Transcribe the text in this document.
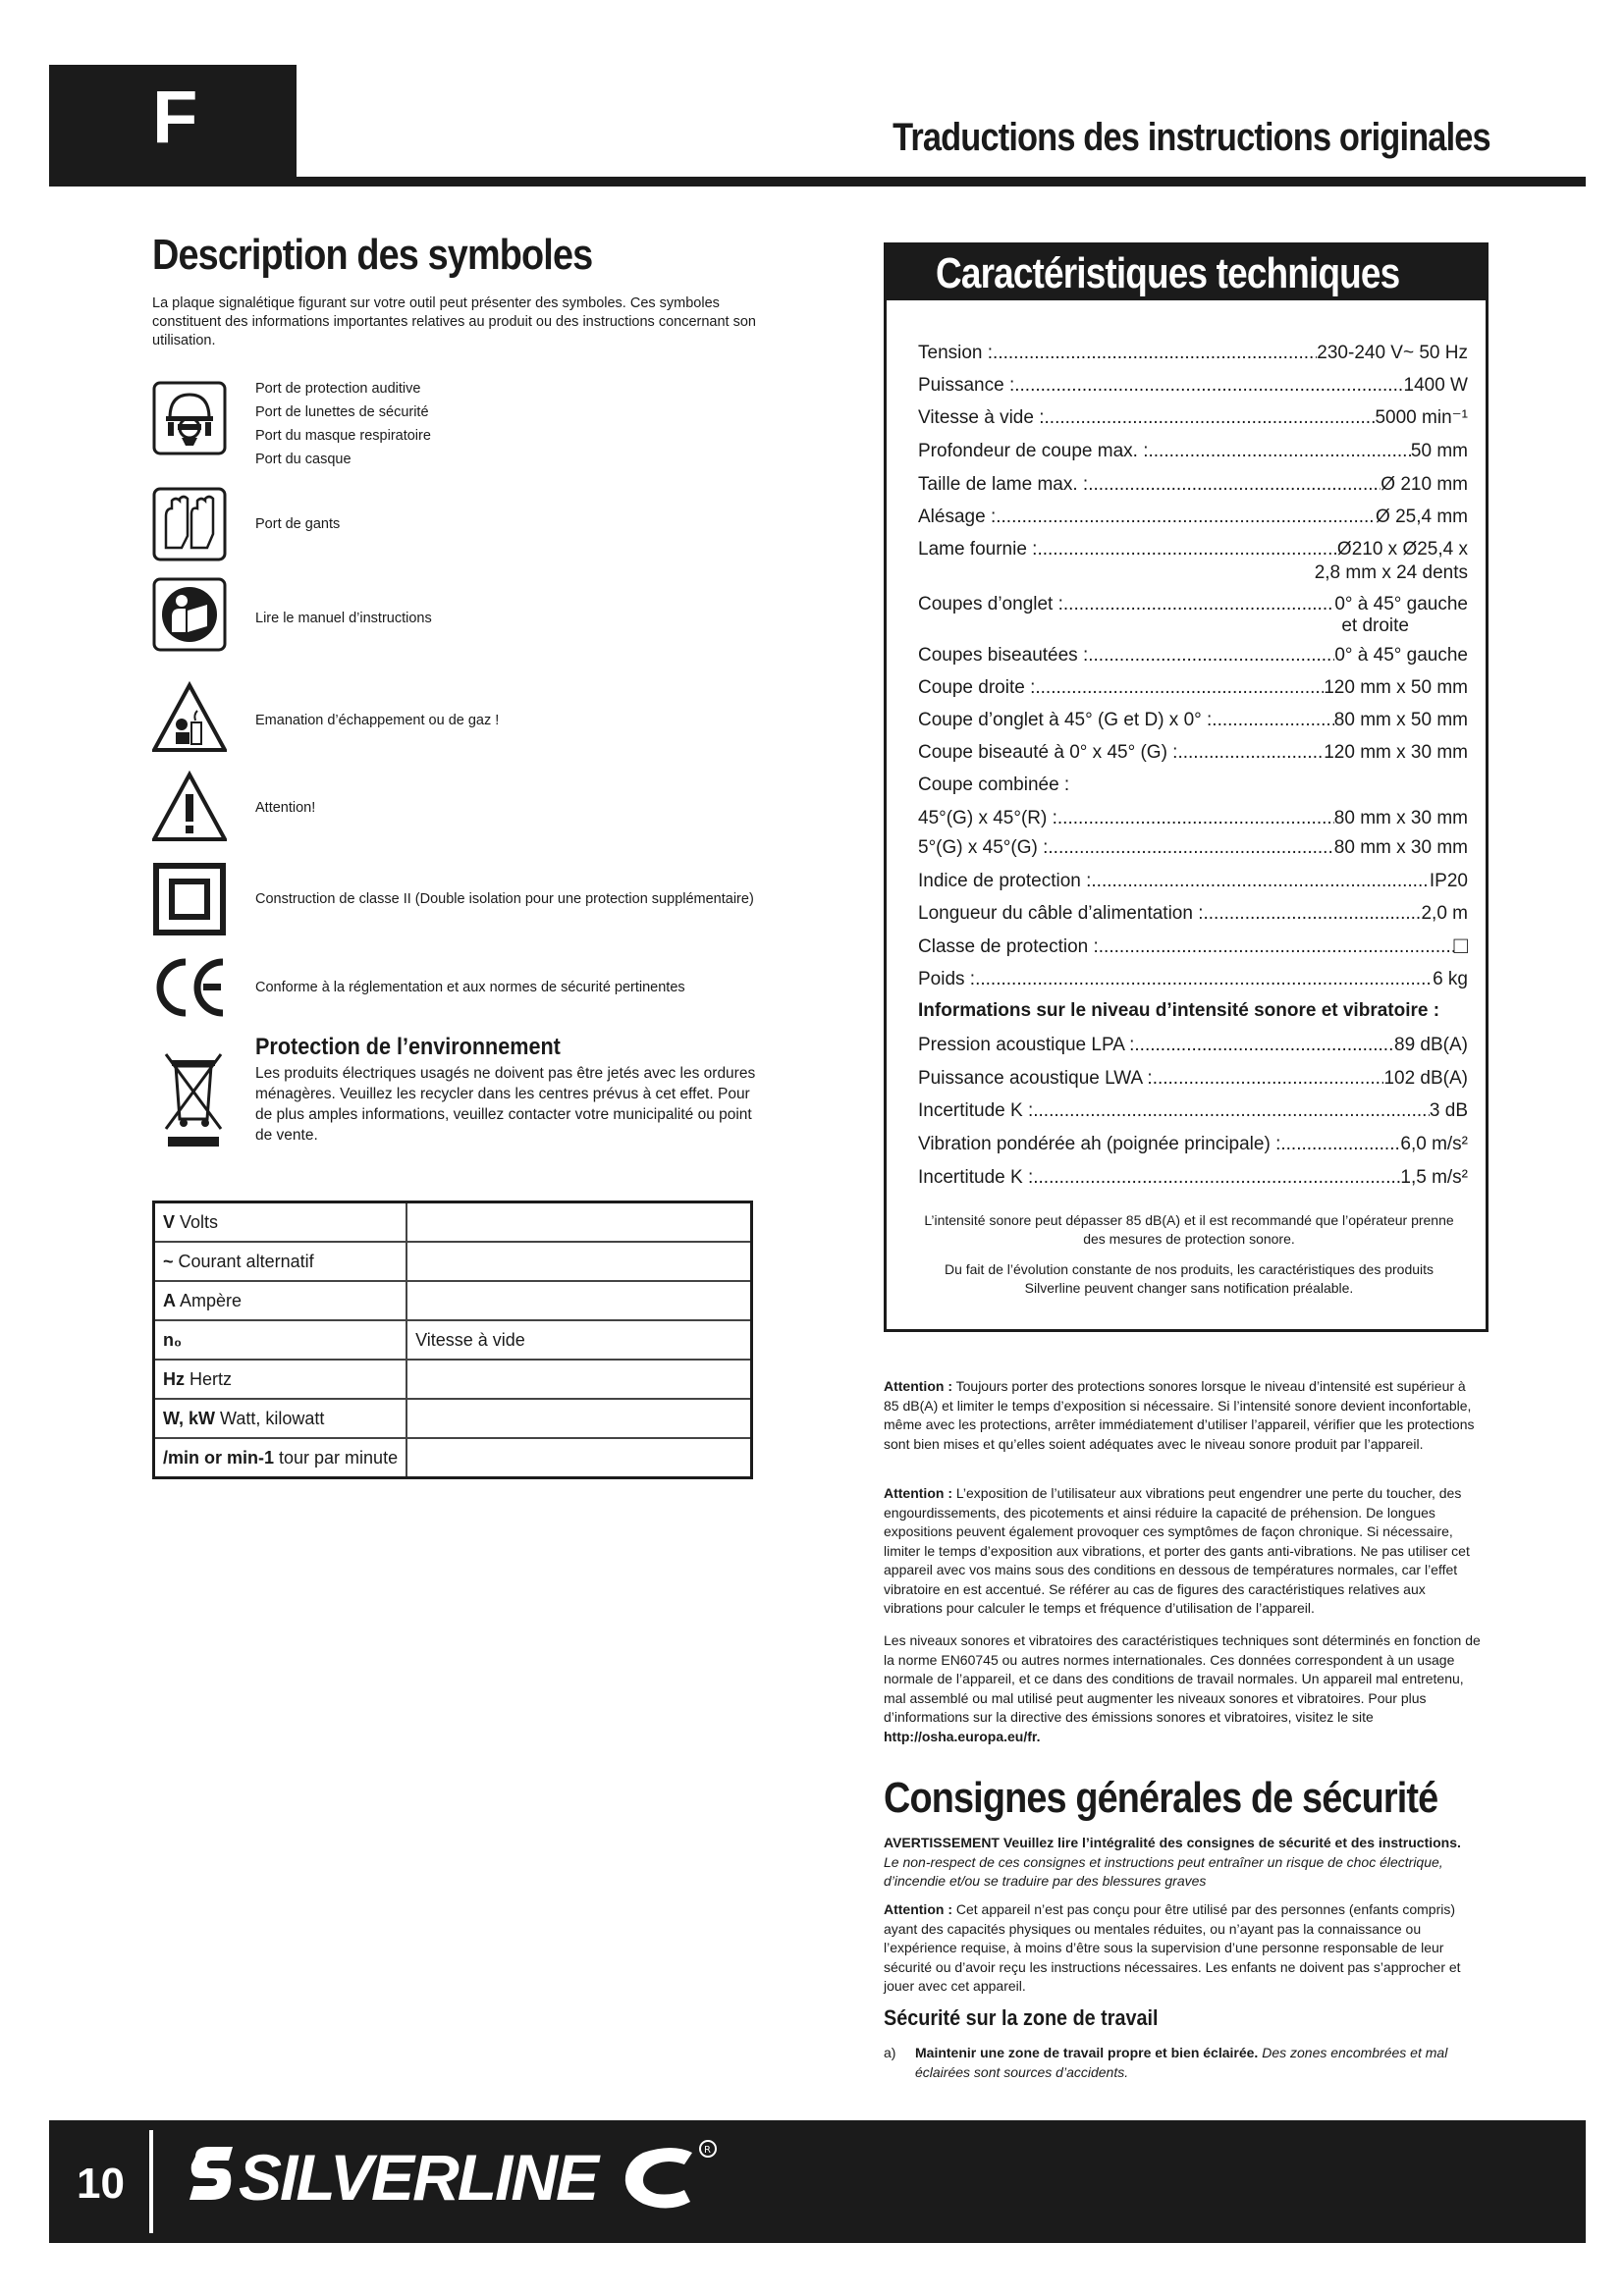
F	Traductions des instructions originales
Description des symboles
La plaque signalétique figurant sur votre outil peut présenter des symboles. Ces symboles constituent des informations importantes relatives au produit ou des instructions concernant son utilisation.
Port de protection auditive
Port de lunettes de sécurité
Port du masque respiratoire
Port du casque
Port de gants
Lire le manuel d’instructions
Emanation d’échappement ou de gaz !
Attention!
Construction de classe II (Double isolation pour une protection supplémentaire)
Conforme à la réglementation et aux normes de sécurité pertinentes
Protection de l’environnement
Les produits électriques usagés ne doivent pas être jetés avec les ordures ménagères. Veuillez les recycler dans les centres prévus à cet effet. Pour de plus amples informations, veuillez contacter votre municipalité ou point de vente.
V Volts	
~ Courant alternatif	
A Ampère	
n₀	Vitesse à vide
Hz Hertz	
W, kW Watt, kilowatt	
/min or min-1 tour par minute	
Caractéristiques techniques
Tension : .....	230-240 V~ 50 Hz
Puissance : .....	1400 W
Vitesse à vide : .....	5000 min⁻¹
Profondeur de coupe max. : .....	50 mm
Taille de lame max. : .....	Ø 210 mm
Alésage : .....	Ø 25,4 mm
Lame fournie : .....	Ø210 x Ø25,4 x
2,8 mm x 24 dents
Coupes d’onglet : .....	0° à 45° gauche
et droite
Coupes biseautées : .....	0° à 45° gauche
Coupe droite : .....	120 mm x 50 mm
Coupe d’onglet à 45° (G et D) x 0° : .....	80 mm x 50 mm
Coupe biseauté à 0° x 45° (G) : .....	120 mm x 30 mm
Coupe combinée :
45°(G) x 45°(R) : .....	80 mm x 30 mm
5°(G) x 45°(G) : .....	80 mm x 30 mm
Indice de protection : .....	IP20
Longueur du câble d’alimentation : .....	2,0 m
Classe de protection : .....	□
Poids : .....	6 kg
Informations sur le niveau d’intensité sonore et vibratoire :
Pression acoustique LPA : .....	89 dB(A)
Puissance acoustique LWA : .....	102 dB(A)
Incertitude K : .....	3 dB
Vibration pondérée ah (poignée principale) : .....	6,0 m/s²
Incertitude K : .....	1,5 m/s²
L’intensité sonore peut dépasser 85 dB(A) et il est recommandé que l’opérateur prenne des mesures de protection sonore.
Du fait de l’évolution constante de nos produits, les caractéristiques des produits Silverline peuvent changer sans notification préalable.
Attention : Toujours porter des protections sonores lorsque le niveau d’intensité est supérieur à 85 dB(A) et limiter le temps d’exposition si nécessaire. Si l’intensité sonore devient inconfortable, même avec les protections, arrêter immédiatement d’utiliser l’appareil, vérifier que les protections sont bien mises et qu’elles soient adéquates avec le niveau sonore produit par l’appareil.
Attention : L’exposition de l’utilisateur aux vibrations peut engendrer une perte du toucher, des engourdissements, des picotements et ainsi réduire la capacité de préhension. De longues expositions peuvent également provoquer ces symptômes de façon chronique. Si nécessaire, limiter le temps d’exposition aux vibrations, et porter des gants anti-vibrations. Ne pas utiliser cet appareil avec vos mains sous des conditions en dessous de températures normales, car l’effet vibratoire en est accentué. Se référer au cas de figures des caractéristiques relatives aux vibrations pour calculer le temps et fréquence d’utilisation de l’appareil.
Les niveaux sonores et vibratoires des caractéristiques techniques sont déterminés en fonction de la norme EN60745 ou autres normes internationales. Ces données correspondent à un usage normale de l’appareil, et ce dans des conditions de travail normales. Un appareil mal entretenu, mal assemblé ou mal utilisé peut augmenter les niveaux sonores et vibratoires. Pour plus d’informations sur la directive des émissions sonores et vibratoires, visitez le site http://osha.europa.eu/fr.
Consignes générales de sécurité
AVERTISSEMENT Veuillez lire l’intégralité des consignes de sécurité et des instructions.
Le non-respect de ces consignes et instructions peut entraîner un risque de choc électrique, d’incendie et/ou se traduire par des blessures graves
Attention : Cet appareil n’est pas conçu pour être utilisé par des personnes (enfants compris) ayant des capacités physiques ou mentales réduites, ou n’ayant pas la connaissance ou l’expérience requise, à moins d’être sous la supervision d’une personne responsable de leur sécurité ou d’avoir reçu les instructions nécessaires. Les enfants ne doivent pas s’approcher et jouer avec cet appareil.
Sécurité sur la zone de travail
a) Maintenir une zone de travail propre et bien éclairée. Des zones encombrées et mal éclairées sont sources d’accidents.
10 SILVERLINE	R
